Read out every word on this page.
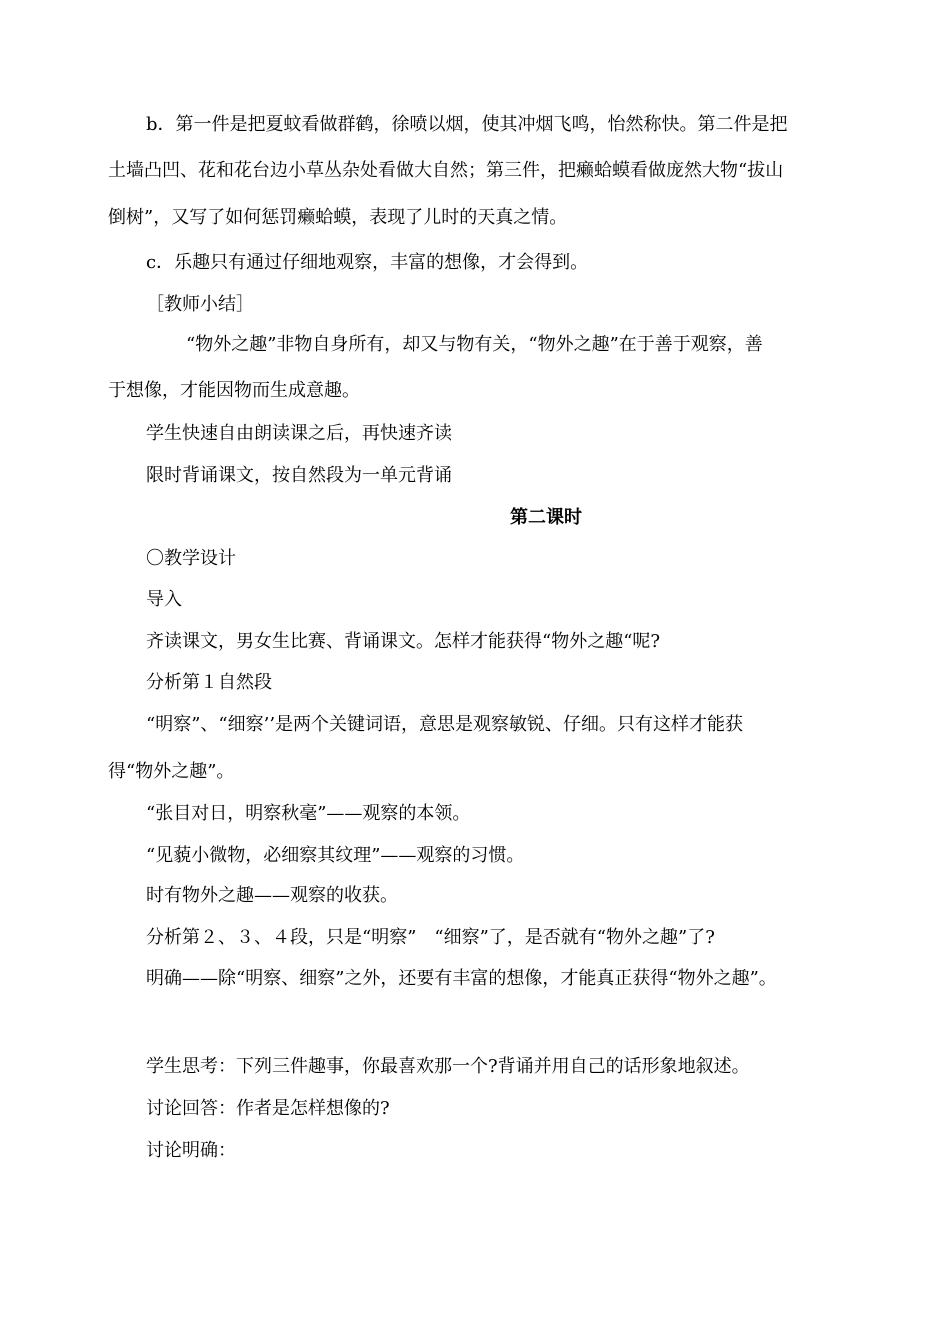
b．第一件是把夏蚊看做群鹤，徐喷以烟，使其冲烟飞鸣，怡然称快。第二件是把
土墙凸凹、花和花台边小草丛杂处看做大自然；第三件，把癞蛤蟆看做庞然大物“拔山
倒树”，又写了如何惩罚癞蛤蟆，表现了儿时的天真之情。
c．乐趣只有通过仔细地观察，丰富的想像，才会得到。
［教师小结］
“物外之趣”非物自身所有，却又与物有关，“物外之趣”在于善于观察，善
于想像，才能因物而生成意趣。
学生快速自由朗读课之后，再快速齐读
限时背诵课文，按自然段为一单元背诵
第二课时
〇教学设计
导入
齐读课文，男女生比赛、背诵课文。怎样才能获得“物外之趣“呢?
分析第１自然段
“明察”、“细察’’是两个关键词语，意思是观察敏锐、仔细。只有这样才能获
得“物外之趣”。
“张目对日，明察秋毫”——观察的本领。
“见藐小微物，必细察其纹理”——观察的习惯。
时有物外之趣——观察的收获。
分析第２、３、４段，只是“明察”　“细察”了，是否就有“物外之趣”了?
明确——除“明察、细察”之外，还要有丰富的想像，才能真正获得“物外之趣”。
学生思考：下列三件趣事，你最喜欢那一个?背诵并用自己的话形象地叙述。
讨论回答：作者是怎样想像的?
讨论明确：
